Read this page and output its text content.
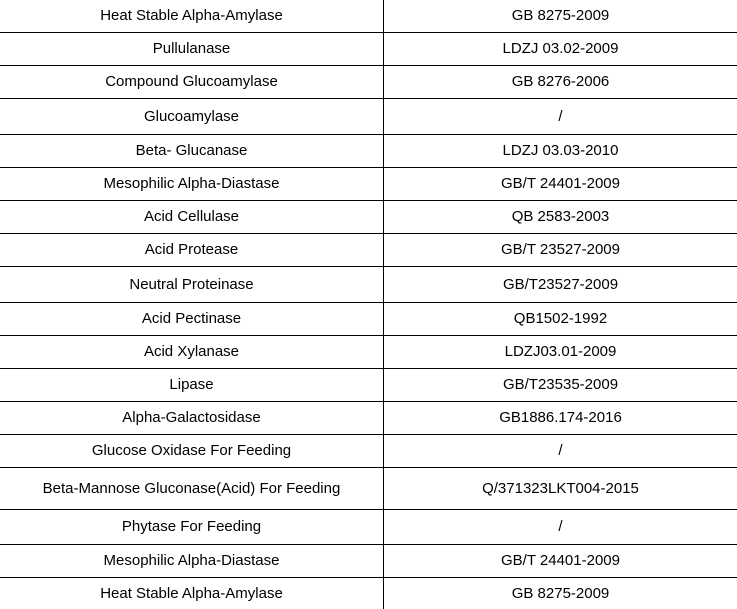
Heat Stable Alpha-Amylase	GB 8275-2009
Pullulanase	LDZJ 03.02-2009
Compound Glucoamylase	GB 8276-2006
Glucoamylase	/
Beta- Glucanase	LDZJ 03.03-2010
Mesophilic Alpha-Diastase	GB/T 24401-2009
Acid Cellulase	QB 2583-2003
Acid Protease	GB/T 23527-2009
Neutral Proteinase	GB/T23527-2009
Acid Pectinase	QB1502-1992
Acid Xylanase	LDZJ03.01-2009
Lipase	GB/T23535-2009
Alpha-Galactosidase	GB1886.174-2016
Glucose Oxidase For Feeding	/
Beta-Mannose Gluconase(Acid) For Feeding	Q/371323LKT004-2015
Phytase For Feeding	/
Mesophilic Alpha-Diastase	GB/T 24401-2009
Heat Stable Alpha-Amylase	GB 8275-2009
